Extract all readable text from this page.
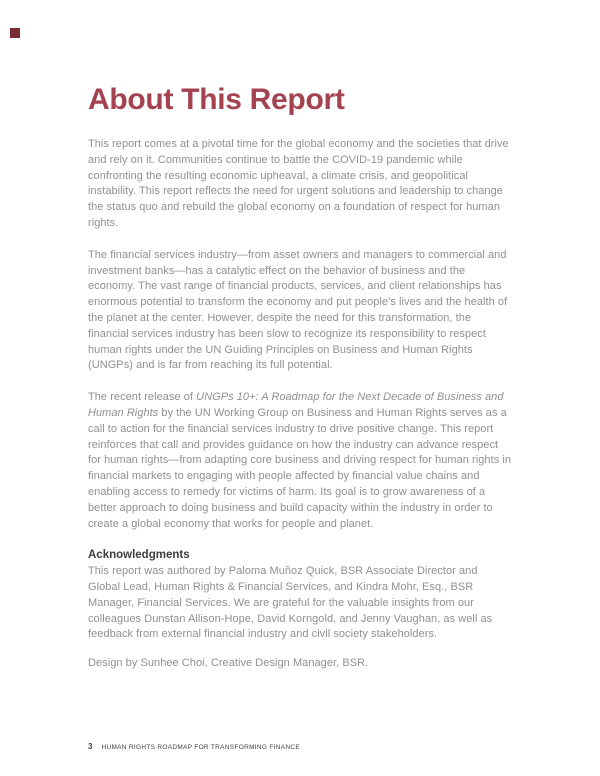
About This Report

This report comes at a pivotal time for the global economy and the societies that drive and rely on it. Communities continue to battle the COVID-19 pandemic while confronting the resulting economic upheaval, a climate crisis, and geopolitical instability. This report reflects the need for urgent solutions and leadership to change the status quo and rebuild the global economy on a foundation of respect for human rights.

The financial services industry—from asset owners and managers to commercial and investment banks—has a catalytic effect on the behavior of business and the economy. The vast range of financial products, services, and client relationships has enormous potential to transform the economy and put people’s lives and the health of the planet at the center. However, despite the need for this transformation, the financial services industry has been slow to recognize its responsibility to respect human rights under the UN Guiding Principles on Business and Human Rights (UNGPs) and is far from reaching its full potential.

The recent release of UNGPs 10+: A Roadmap for the Next Decade of Business and Human Rights by the UN Working Group on Business and Human Rights serves as a call to action for the financial services industry to drive positive change. This report reinforces that call and provides guidance on how the industry can advance respect for human rights—from adapting core business and driving respect for human rights in financial markets to engaging with people affected by financial value chains and enabling access to remedy for victims of harm. Its goal is to grow awareness of a better approach to doing business and build capacity within the industry in order to create a global economy that works for people and planet.

Acknowledgments

This report was authored by Paloma Muñoz Quick, BSR Associate Director and Global Lead, Human Rights & Financial Services, and Kindra Mohr, Esq., BSR Manager, Financial Services. We are grateful for the valuable insights from our colleagues Dunstan Allison-Hope, David Korngold, and Jenny Vaughan, as well as feedback from external financial industry and civil society stakeholders.

Design by Sunhee Choi, Creative Design Manager, BSR.

3 HUMAN RIGHTS ROADMAP FOR TRANSFORMING FINANCE
